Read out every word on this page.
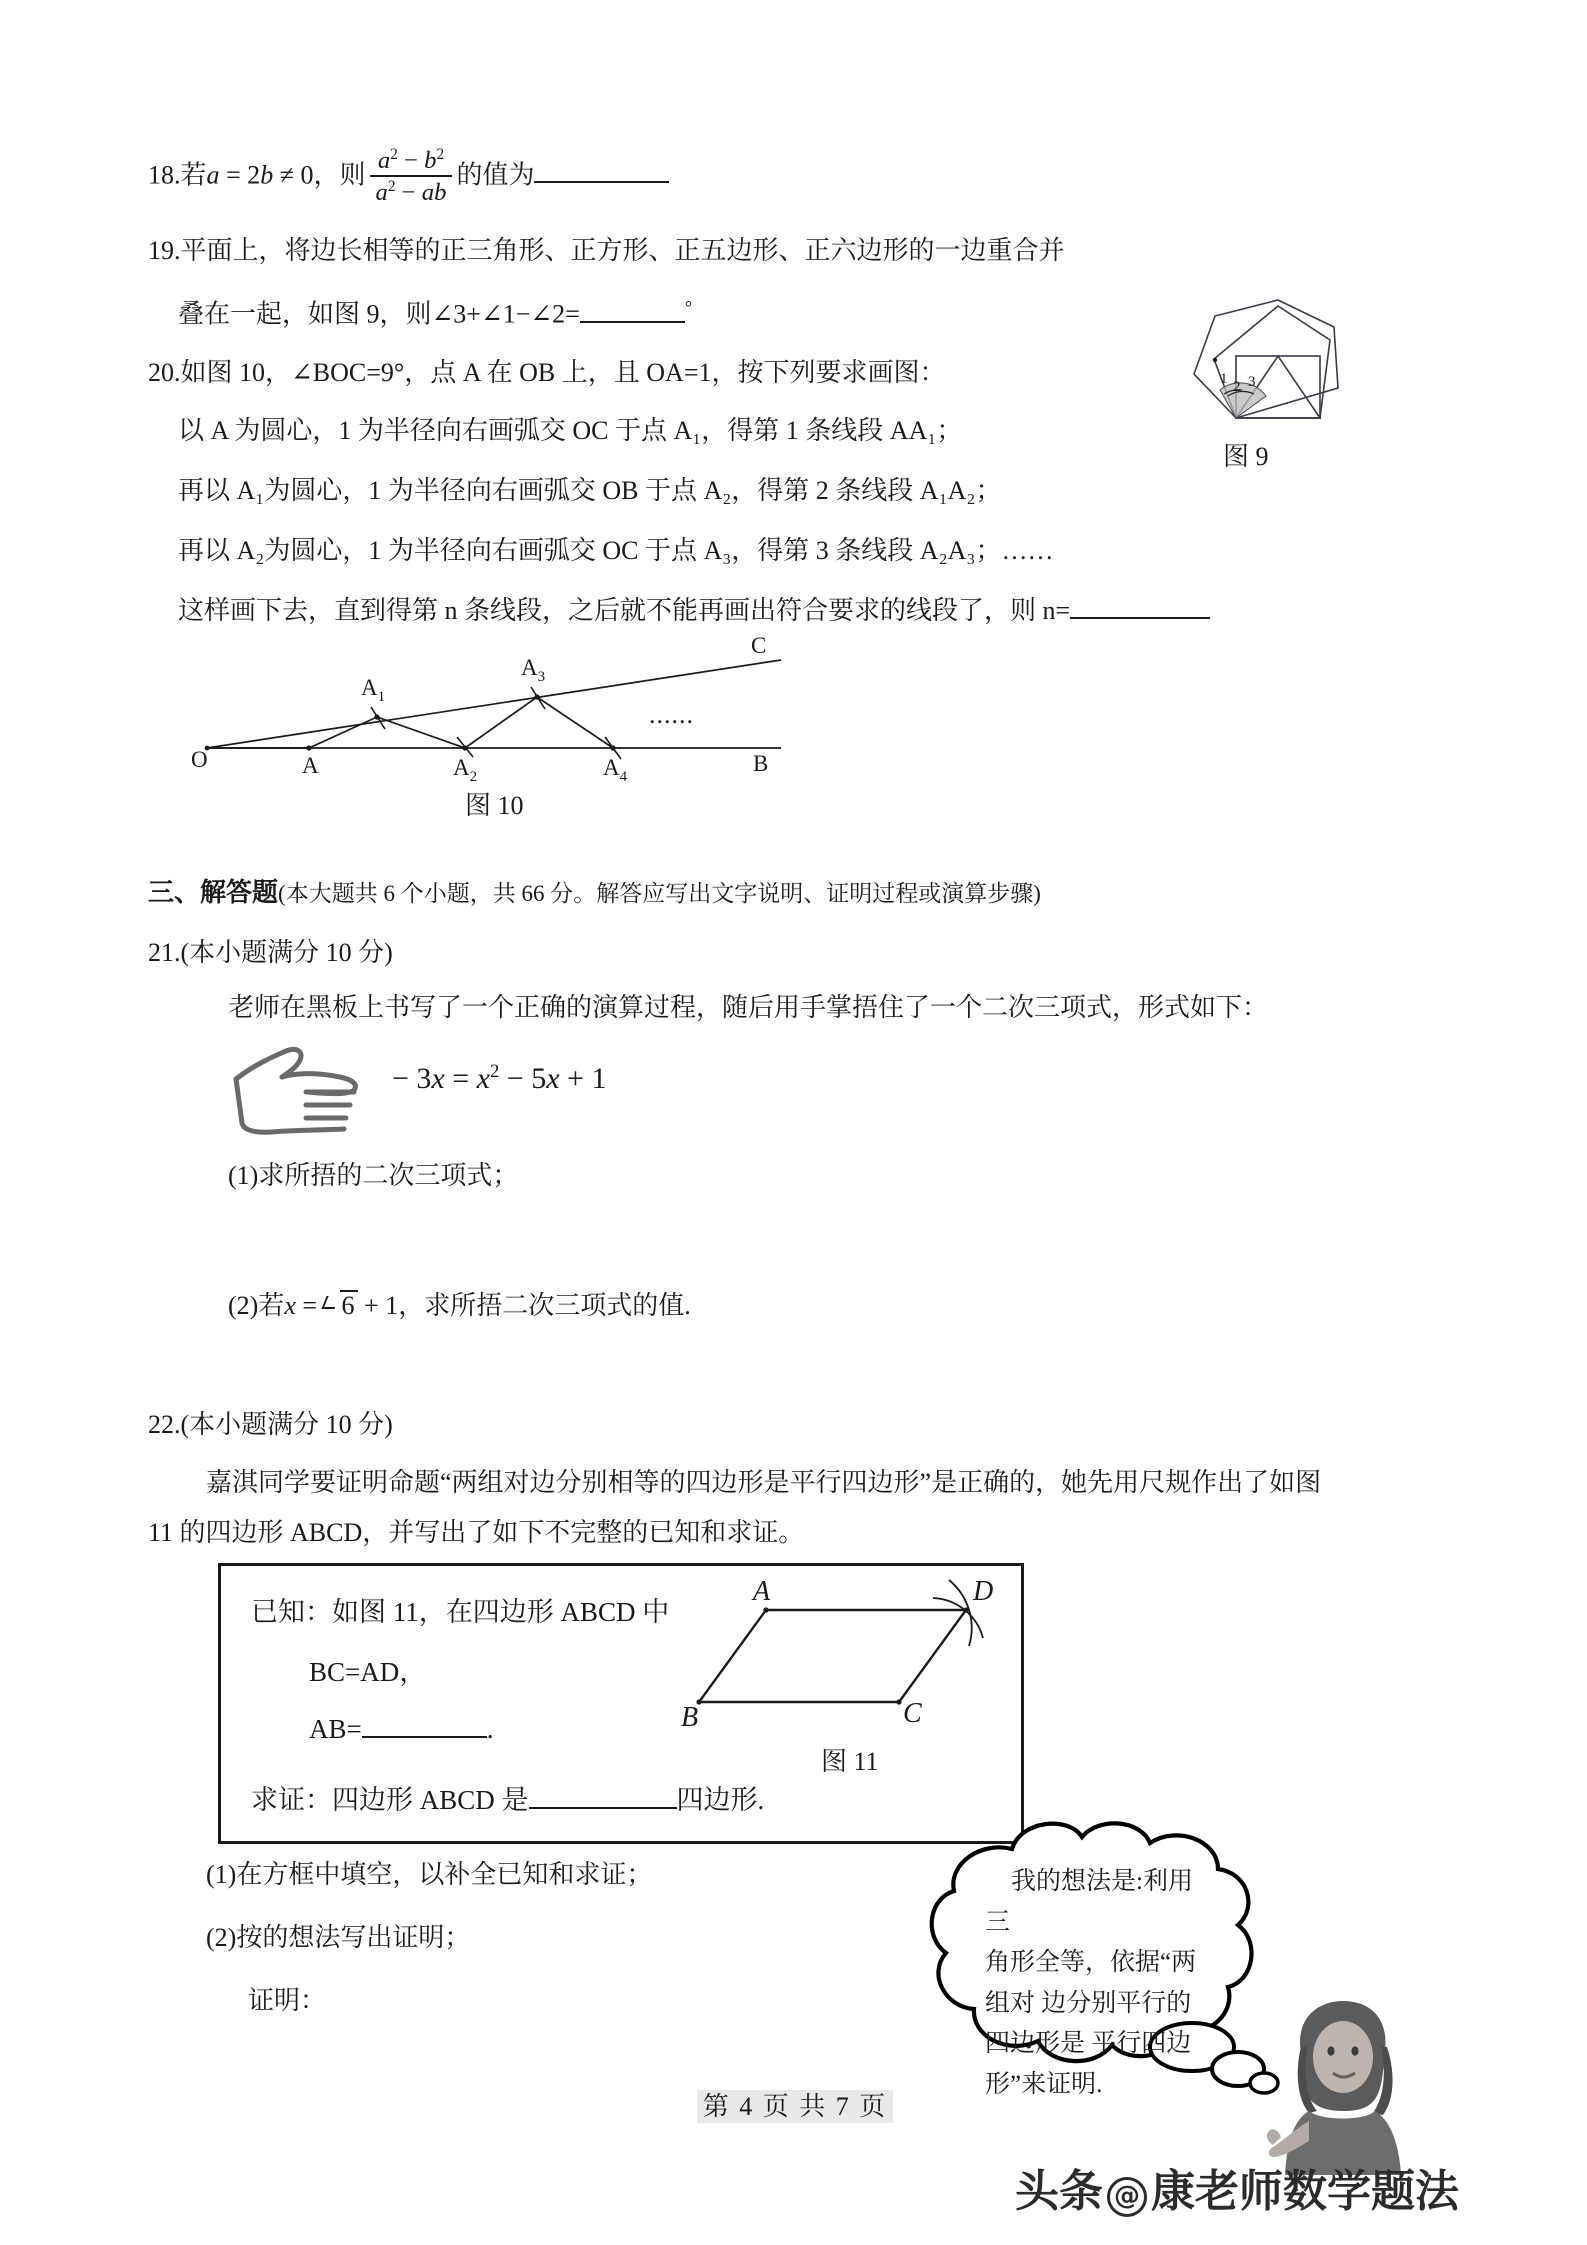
18.若a = 2b ≠ 0，则 $\frac{a^2 - b^2}{a^2 - ab}$ 的值为
19.平面上，将边长相等的正三角形、正方形、正五边形、正六边形的一边重合并
叠在一起，如图 9，则∠3+∠1−∠2=	°
20.如图 10，∠BOC=9°，点 A 在 OB 上，且 OA=1，按下列要求画图：
以 A 为圆心，1 为半径向右画弧交 OC 于点 A₁，得第 1 条线段 AA₁；
再以 A₁为圆心，1 为半径向右画弧交 OB 于点 A₂，得第 2 条线段 A₁A₂；
再以 A₂为圆心，1 为半径向右画弧交 OC 于点 A₃，得第 3 条线段 A₂A₃；……
这样画下去，直到得第 n 条线段，之后就不能再画出符合要求的线段了，则 n=
1 2 3
图 9
O	A
$A_1$
$A_2$
$A_3$
$A_4$
B
C
......
图 10
三、解答题(本大题共 6 个小题，共 66 分。解答应写出文字说明、证明过程或演算步骤)
21.(本小题满分 10 分)
老师在黑板上书写了一个正确的演算过程，随后用手掌捂住了一个二次三项式，形式如下：
− $3x = x^2 - 5x + 1$
(1)求所捂的二次三项式；
(2)若x = 6 + 1，求所捂二次三项式的值.
22.(本小题满分 10 分)
嘉淇同学要证明命题“两组对边分别相等的四边形是平行四边形”是正确的，她先用尺规作出了如图
11 的四边形 ABCD，并写出了如下不完整的已知和求证。
已知：如图 11，在四边形 ABCD 中
BC=AD，
AB=	.
求证：四边形 ABCD 是	四边形.
A
B	C
D
图 11
(1)在方框中填空，以补全已知和求证；
(2)按的想法写出证明；
证明：
我的想法是:利用三
角形全等，依据“两组对 边分别平行的四边形是 平行四边形”来证明.
第 4 页 共 7 页
头条 @ 康老师数学题法
